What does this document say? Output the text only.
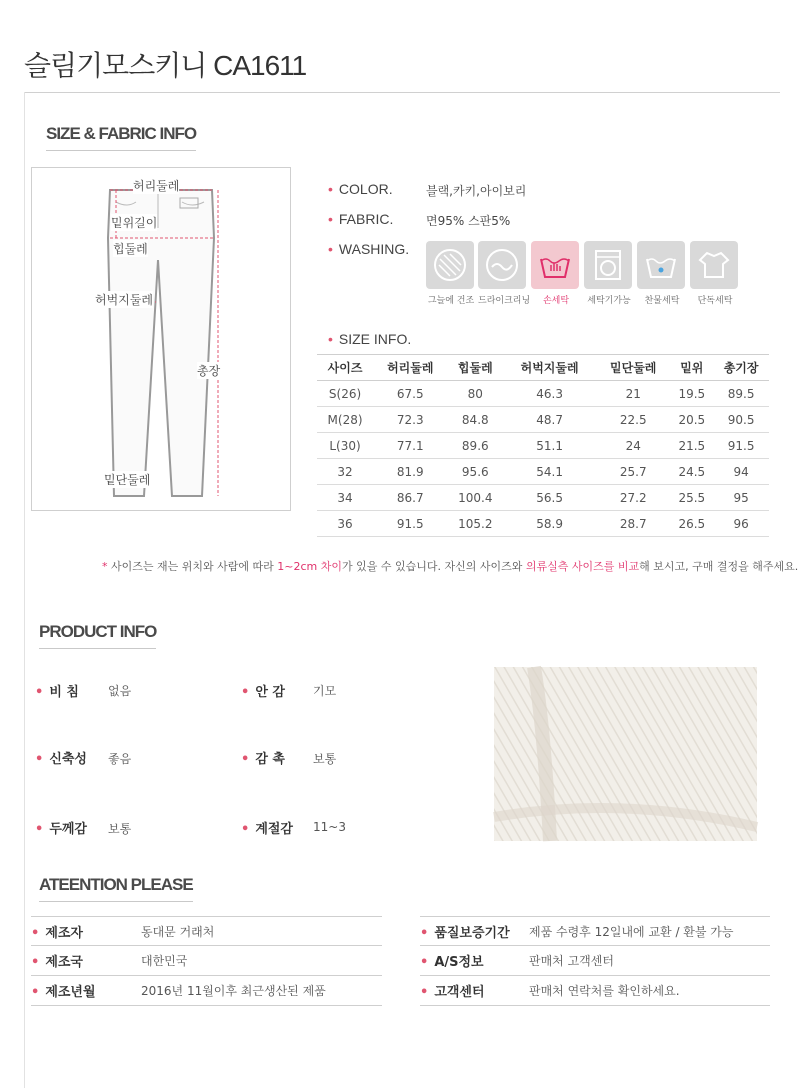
슬림기모스키니 CA1611
SIZE & FABRIC INFO
허리둘레
밑위길이
힙둘레
허벅지둘레
총장
밑단둘레
• COLOR.	블랙,카키,아이보리
• FABRIC.	면95% 스판5%
• WASHING.
그늘에 건조 드라이크리닝	손세탁	세탁기가능	찬물세탁	단독세탁
• SIZE INFO.
사이즈	허리둘레	힙둘레	허벅지둘레	밑단둘레	밑위	총기장
S(26)	67.5	80	46.3	21	19.5	89.5
M(28)	72.3	84.8	48.7	22.5	20.5	90.5
L(30)	77.1	89.6	51.1	24	21.5	91.5
32	81.9	95.6	54.1	25.7	24.5	94
34	86.7	100.4	56.5	27.2	25.5	95
36	91.5	105.2	58.9	28.7	26.5	96
* 사이즈는 재는 위치와 사람에 따라 1~2cm 차이가 있을 수 있습니다. 자신의 사이즈와 의류실측 사이즈를 비교해 보시고, 구매 결정을 해주세요.
PRODUCT INFO
• 비 침 없음	• 안 감 기모
• 신축성 좋음	• 감 촉 보통
• 두께감 보통	• 계절감 11~3
ATEENTION PLEASE
• 제조자	동대문 거래처
• 제조국	대한민국
• 제조년월	2016년 11월이후 최근생산된 제품
• 품질보증기간 제품 수령후 12일내에 교환 / 환불 가능
• A/S정보	판매처 고객센터
• 고객센터	판매처 연락처를 확인하세요.
